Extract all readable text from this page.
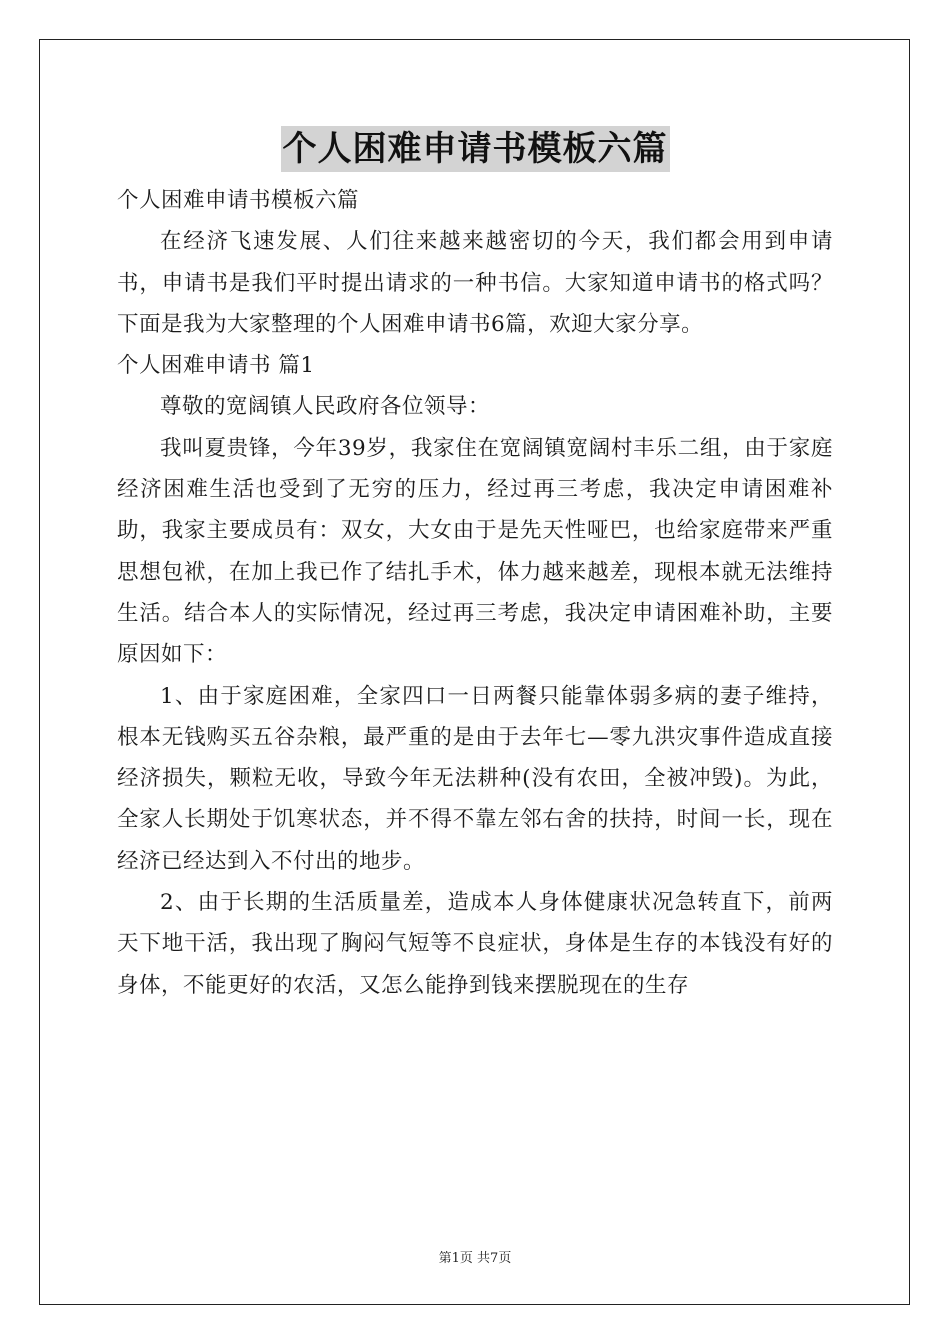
个人困难申请书模板六篇

个人困难申请书模板六篇

在经济飞速发展、人们往来越来越密切的今天，我们都会用到申请书，申请书是我们平时提出请求的一种书信。大家知道申请书的格式吗？下面是我为大家整理的个人困难申请书6篇，欢迎大家分享。

个人困难申请书 篇1

尊敬的宽阔镇人民政府各位领导：

我叫夏贵锋，今年39岁，我家住在宽阔镇宽阔村丰乐二组，由于家庭经济困难生活也受到了无穷的压力，经过再三考虑，我决定申请困难补助，我家主要成员有：双女，大女由于是先天性哑巴，也给家庭带来严重思想包袱，在加上我已作了结扎手术，体力越来越差，现根本就无法维持生活。结合本人的实际情况，经过再三考虑，我决定申请困难补助，主要原因如下：

1、由于家庭困难，全家四口一日两餐只能靠体弱多病的妻子维持，根本无钱购买五谷杂粮，最严重的是由于去年七—零九洪灾事件造成直接经济损失，颗粒无收，导致今年无法耕种(没有农田，全被冲毁)。为此，全家人长期处于饥寒状态，并不得不靠左邻右舍的扶持，时间一长，现在经济已经达到入不付出的地步。

2、由于长期的生活质量差，造成本人身体健康状况急转直下，前两天下地干活，我出现了胸闷气短等不良症状，身体是生存的本钱没有好的身体，不能更好的农活，又怎么能挣到钱来摆脱现在的生存

第1页 共7页
